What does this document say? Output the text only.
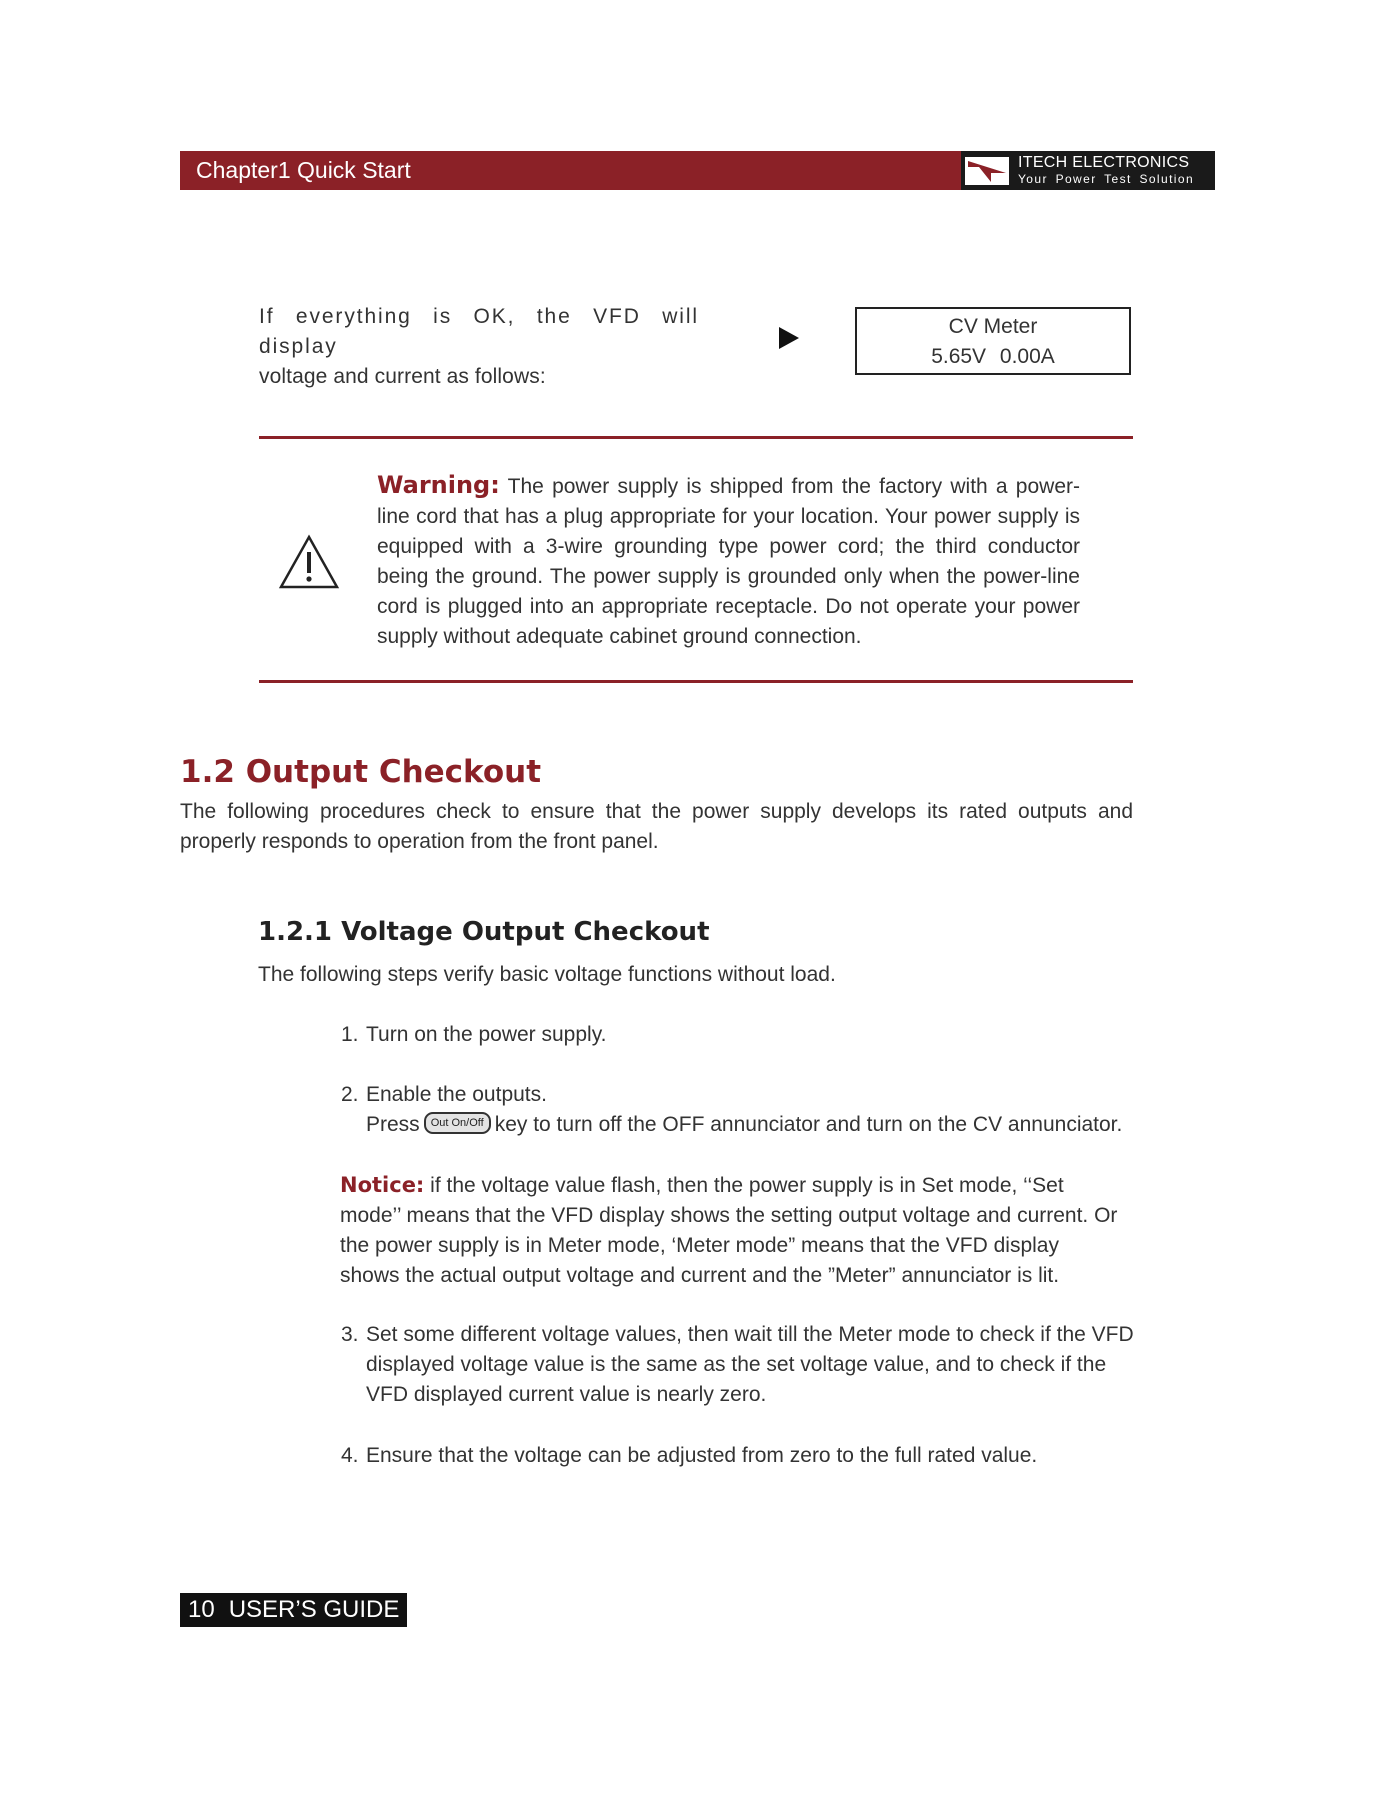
Chapter1 Quick Start	ITECH ELECTRONICS
Your Power Test Solution
If everything is OK, the VFD will display
voltage and current as follows:
CV Meter
5.65V 0.00A
Warning: The power supply is shipped from the factory with a power-line cord that has a plug appropriate for your location. Your power supply is equipped with a 3-wire grounding type power cord; the third conductor being the ground. The power supply is grounded only when the power-line cord is plugged into an appropriate receptacle. Do not operate your power supply without adequate cabinet ground connection.
1.2 Output Checkout
The following procedures check to ensure that the power supply develops its rated outputs and properly responds to operation from the front panel.
1.2.1 Voltage Output Checkout
The following steps verify basic voltage functions without load.
1. Turn on the power supply.
2. Enable the outputs.
Press Out On/Off key to turn off the OFF annunciator and turn on the CV annunciator.
Notice: if the voltage value flash, then the power supply is in Set mode, ‘‘Set mode’’ means that the VFD display shows the setting output voltage and current. Or the power supply is in Meter mode, ‘Meter mode” means that the VFD display shows the actual output voltage and current and the ”Meter” annunciator is lit.
3. Set some different voltage values, then wait till the Meter mode to check if the VFD displayed voltage value is the same as the set voltage value, and to check if the VFD displayed current value is nearly zero.
4. Ensure that the voltage can be adjusted from zero to the full rated value.
10 USER’S GUIDE
